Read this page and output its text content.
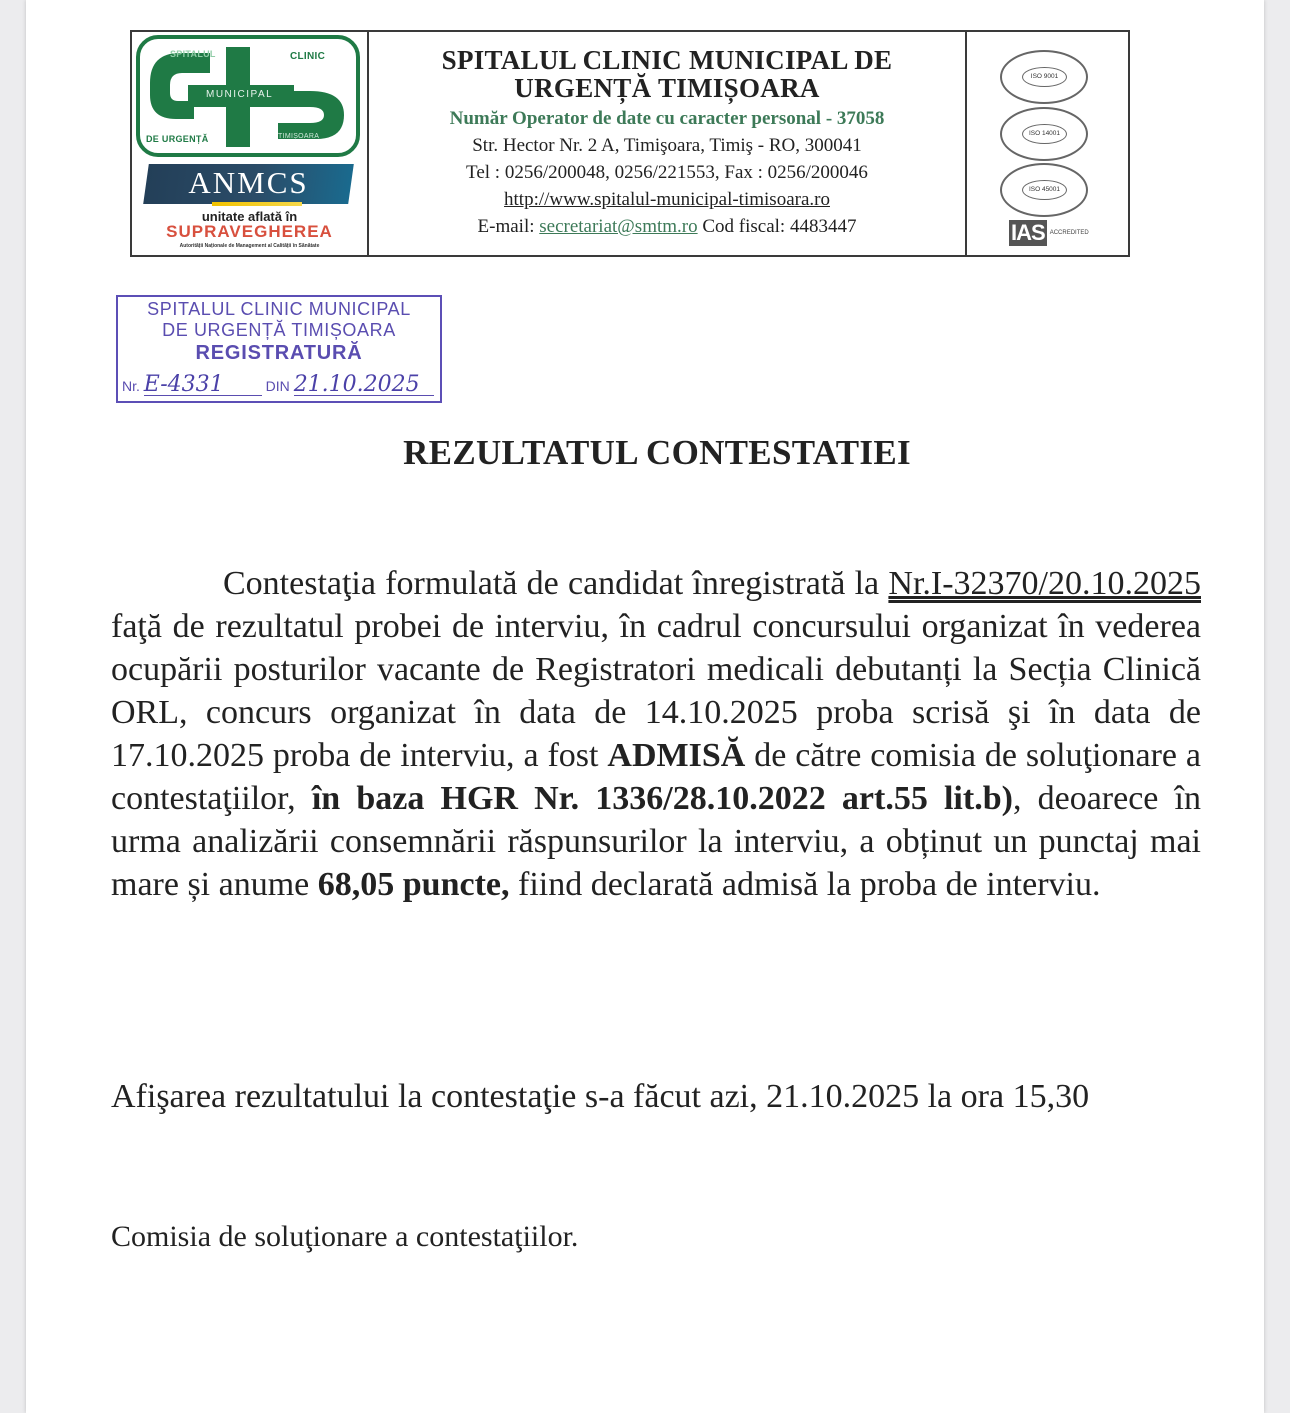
SPITALUL	CLINIC
MUNICIPAL
DE URGENȚĂ	TIMIȘOARA
ANMCS
unitate aflată în
SUPRAVEGHEREA
Autorității Naționale de Management al Calității în Sănătate
SPITALUL CLINIC MUNICIPAL DE
URGENȚĂ TIMIȘOARA
Număr Operator de date cu caracter personal - 37058
Str. Hector Nr. 2 A, Timişoara, Timiş - RO, 300041
Tel : 0256/200048, 0256/221553, Fax : 0256/200046
http://www.spitalul-municipal-timisoara.ro
E-mail: secretariat@smtm.ro Cod fiscal: 4483447
ISO 9001
ISO 14001
ISO 45001
IAS ACCREDITED
SPITALUL CLINIC MUNICIPAL
DE URGENȚĂ TIMIȘOARA
REGISTRATURĂ
Nr. E-4331	DIN 21.10.2025
REZULTATUL CONTESTATIEI
Contestaţia formulată de candidat înregistrată la Nr.I-32370/20.10.2025 faţă de rezultatul probei de interviu, în cadrul concursului organizat în vederea ocupării posturilor vacante de Registratori medicali debutanți la Secția Clinică ORL, concurs organizat în data de 14.10.2025 proba scrisă şi în data de 17.10.2025 proba de interviu, a fost ADMISĂ de către comisia de soluţionare a contestaţiilor, în baza HGR Nr. 1336/28.10.2022 art.55 lit.b), deoarece în urma analizării consemnării răspunsurilor la interviu, a obținut un punctaj mai mare și anume 68,05 puncte, fiind declarată admisă la proba de interviu.
Afişarea rezultatului la contestaţie s-a făcut azi, 21.10.2025 la ora 15,30
Comisia de soluţionare a contestaţiilor.
